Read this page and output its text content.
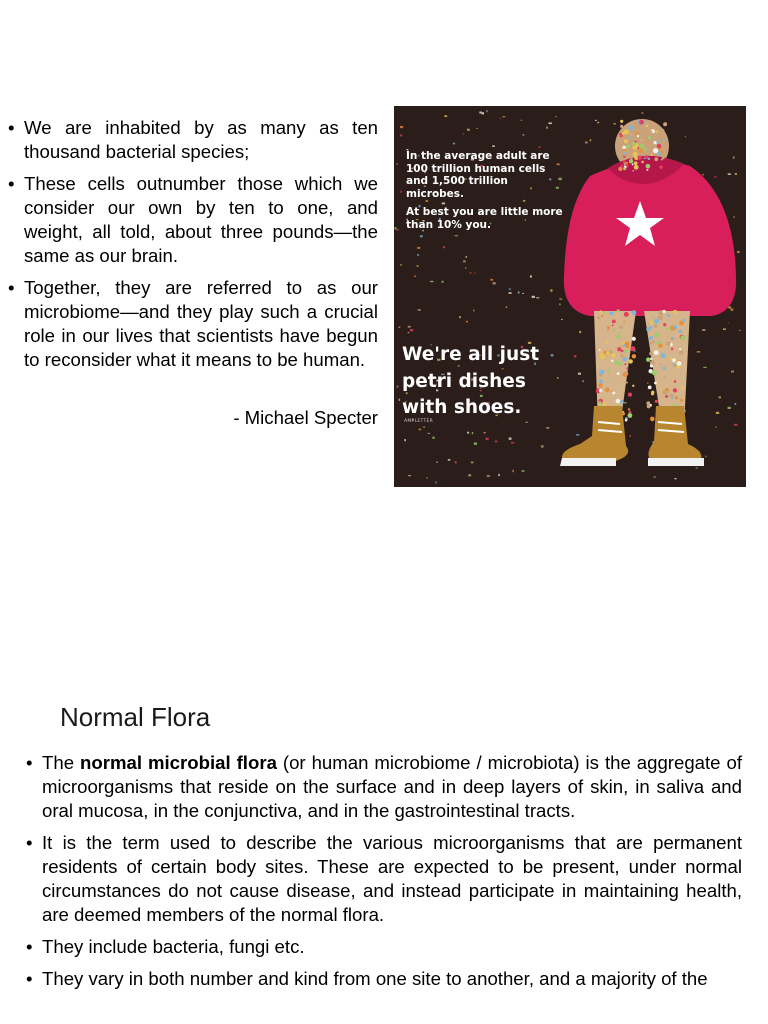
• We are inhabited by as many as ten thousand bacterial species;
• These cells outnumber those which we consider our own by ten to one, and weight, all told, about three pounds—the same as our brain.
• Together, they are referred to as our microbiome—and they play such a crucial role in our lives that scientists have begun to reconsider what it means to be human.
- Michael Specter

In the average adult are 100 trillion human cells and 1,500 trillion microbes.

At best you are little more than 10% you.

We're all just
petri dishes
with shoes.
AMPLETTER
Normal Flora
• The normal microbial flora (or human microbiome / microbiota) is the aggregate of microorganisms that reside on the surface and in deep layers of skin, in saliva and oral mucosa, in the conjunctiva, and in the gastrointestinal tracts.
• It is the term used to describe the various microorganisms that are permanent residents of certain body sites. These are expected to be present, under normal circumstances do not cause disease, and instead participate in maintaining health, are deemed members of the normal flora.
• They include bacteria, fungi etc.
• They vary in both number and kind from one site to another, and a majority of the
